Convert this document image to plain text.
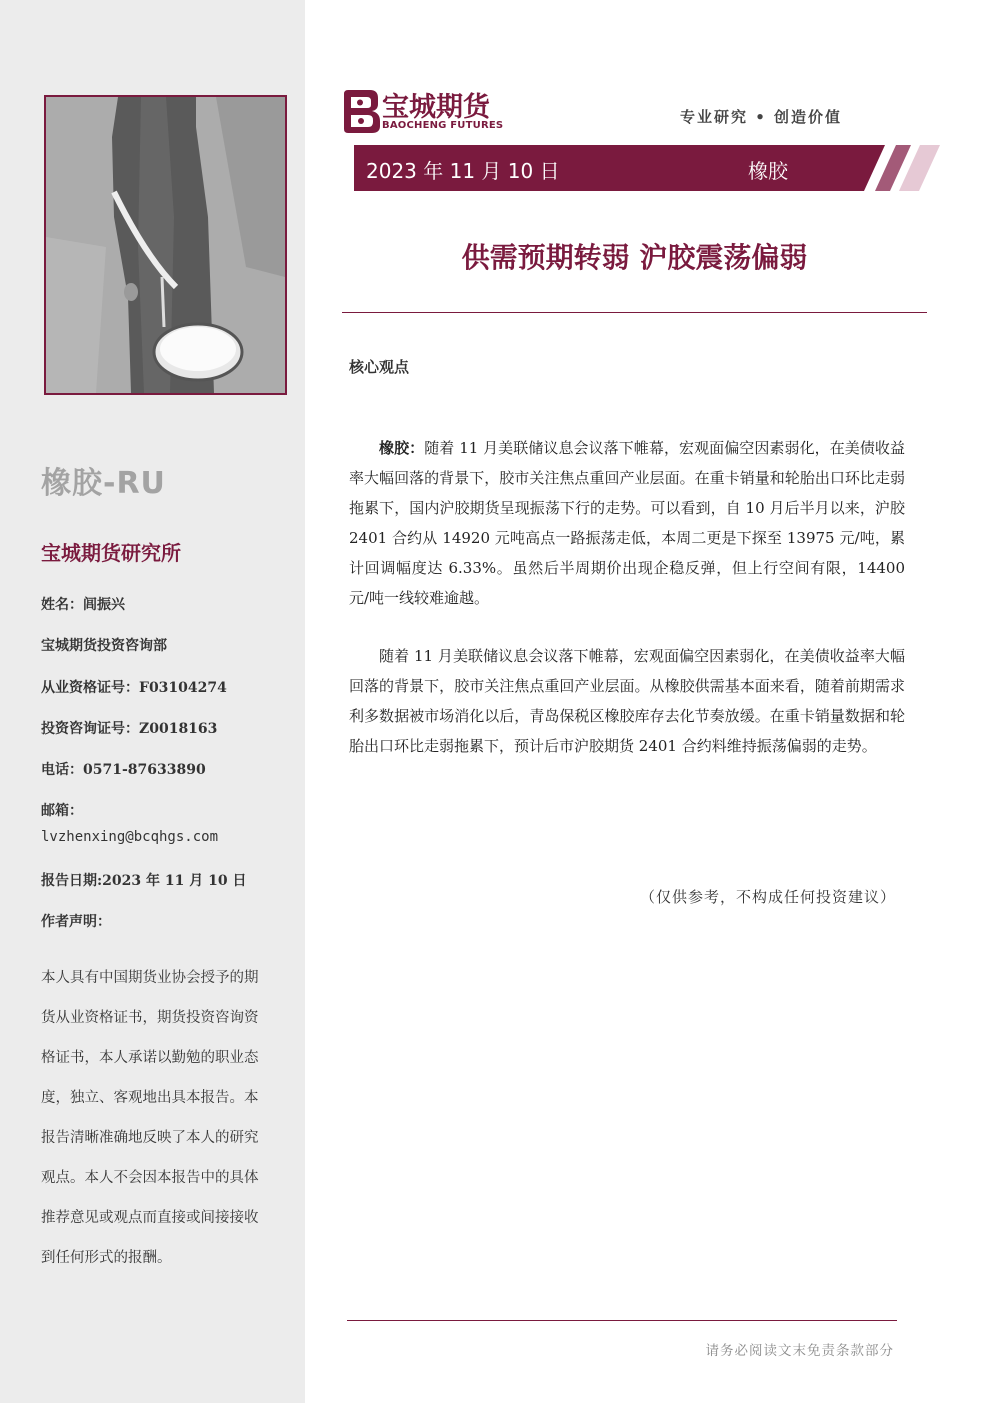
橡胶-RU
宝城期货研究所
姓名：闾振兴
宝城期货投资咨询部
从业资格证号：F03104274
投资咨询证号：Z0018163
电话：0571-87633890
邮箱：
lvzhenxing@bcqhgs.com
报告日期:2023 年 11 月 10 日
作者声明：
本人具有中国期货业协会授予的期货从业资格证书，期货投资咨询资格证书，本人承诺以勤勉的职业态度，独立、客观地出具本报告。本报告清晰准确地反映了本人的研究观点。本人不会因本报告中的具体推荐意见或观点而直接或间接接收到任何形式的报酬。
宝城期货
BAOCHENG FUTURES	专业研究 • 创造价值
2023 年 11 月 10 日	橡胶
供需预期转弱 沪胶震荡偏弱
核心观点

橡胶：随着 11 月美联储议息会议落下帷幕，宏观面偏空因素弱化，在美债收益率大幅回落的背景下，胶市关注焦点重回产业层面。在重卡销量和轮胎出口环比走弱拖累下，国内沪胶期货呈现振荡下行的走势。可以看到，自 10 月后半月以来，沪胶 2401 合约从 14920 元吨高点一路振荡走低，本周二更是下探至 13975 元/吨，累计回调幅度达 6.33%。虽然后半周期价出现企稳反弹，但上行空间有限，14400 元/吨一线较难逾越。

随着 11 月美联储议息会议落下帷幕，宏观面偏空因素弱化，在美债收益率大幅回落的背景下，胶市关注焦点重回产业层面。从橡胶供需基本面来看，随着前期需求利多数据被市场消化以后，青岛保税区橡胶库存去化节奏放缓。在重卡销量数据和轮胎出口环比走弱拖累下，预计后市沪胶期货 2401 合约料维持振荡偏弱的走势。

（仅供参考，不构成任何投资建议）
请务必阅读文末免责条款部分
